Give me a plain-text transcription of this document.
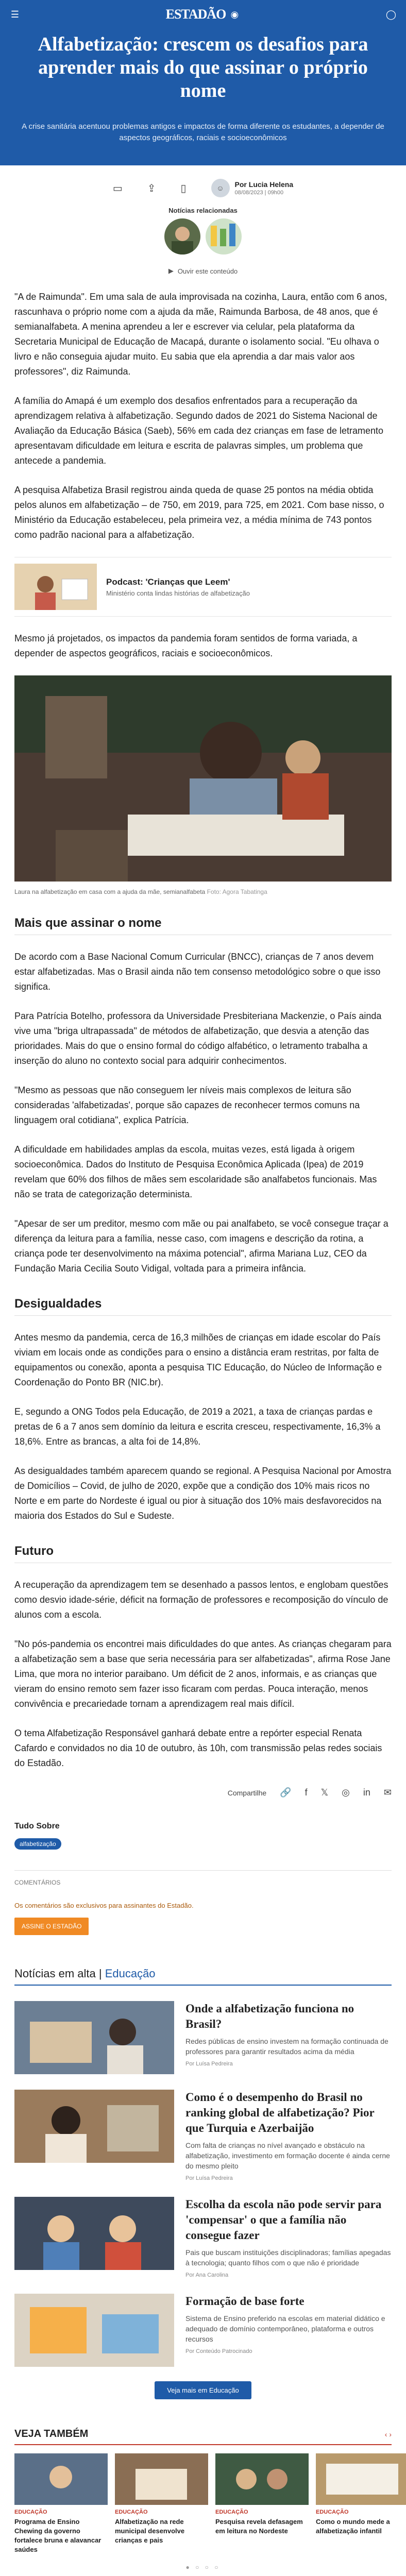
☰	ESTADÃO ◉	◯
Alfabetização: crescem os desafios para aprender mais do que assinar o próprio nome

A crise sanitária acentuou problemas antigos e impactos de forma diferente os estudantes, a depender de aspectos geográficos, raciais e socioeconômicos

▭ ⇪ ▯	☺	Por Lucia Helena
08/08/2023 | 09h00
Notícias relacionadas
▶ Ouvir este conteúdo

"A de Raimunda". Em uma sala de aula improvisada na cozinha, Laura, então com 6 anos, rascunhava o próprio nome com a ajuda da mãe, Raimunda Barbosa, de 48 anos, que é semianalfabeta. A menina aprendeu a ler e escrever via celular, pela plataforma da Secretaria Municipal de Educação de Macapá, durante o isolamento social. "Eu olhava o livro e não conseguia ajudar muito. Eu sabia que ela aprendia a dar mais valor aos professores", diz Raimunda.

A família do Amapá é um exemplo dos desafios enfrentados para a recuperação da aprendizagem relativa à alfabetização. Segundo dados de 2021 do Sistema Nacional de Avaliação da Educação Básica (Saeb), 56% em cada dez crianças em fase de letramento apresentavam dificuldade em leitura e escrita de palavras simples, um problema que antecede a pandemia.

A pesquisa Alfabetiza Brasil registrou ainda queda de quase 25 pontos na média obtida pelos alunos em alfabetização – de 750, em 2019, para 725, em 2021. Com base nisso, o Ministério da Educação estabeleceu, pela primeira vez, a média mínima de 743 pontos como padrão nacional para a alfabetização.

Podcast: 'Crianças que Leem'
Ministério conta lindas histórias de alfabetização

Mesmo já projetados, os impactos da pandemia foram sentidos de forma variada, a depender de aspectos geográficos, raciais e socioeconômicos.

Laura na alfabetização em casa com a ajuda da mãe, semianalfabeta Foto: Agora Tabatinga
Mais que assinar o nome

De acordo com a Base Nacional Comum Curricular (BNCC), crianças de 7 anos devem estar alfabetizadas. Mas o Brasil ainda não tem consenso metodológico sobre o que isso significa.

Para Patrícia Botelho, professora da Universidade Presbiteriana Mackenzie, o País ainda vive uma "briga ultrapassada" de métodos de alfabetização, que desvia a atenção das prioridades. Mais do que o ensino formal do código alfabético, o letramento trabalha a inserção do aluno no contexto social para adquirir conhecimentos.

"Mesmo as pessoas que não conseguem ler níveis mais complexos de leitura são consideradas 'alfabetizadas', porque são capazes de reconhecer termos comuns na linguagem oral cotidiana", explica Patrícia.

A dificuldade em habilidades amplas da escola, muitas vezes, está ligada à origem socioeconômica. Dados do Instituto de Pesquisa Econômica Aplicada (Ipea) de 2019 revelam que 60% dos filhos de mães sem escolaridade são analfabetos funcionais. Mas não se trata de categorização determinista.

"Apesar de ser um preditor, mesmo com mãe ou pai analfabeto, se você consegue traçar a diferença da leitura para a família, nesse caso, com imagens e descrição da rotina, a criança pode ter desenvolvimento na máxima potencial", afirma Mariana Luz, CEO da Fundação Maria Cecilia Souto Vidigal, voltada para a primeira infância.

Desigualdades

Antes mesmo da pandemia, cerca de 16,3 milhões de crianças em idade escolar do País viviam em locais onde as condições para o ensino a distância eram restritas, por falta de equipamentos ou conexão, aponta a pesquisa TIC Educação, do Núcleo de Informação e Coordenação do Ponto BR (NIC.br).

E, segundo a ONG Todos pela Educação, de 2019 a 2021, a taxa de crianças pardas e pretas de 6 a 7 anos sem domínio da leitura e escrita cresceu, respectivamente, 16,3% a 18,6%. Entre as brancas, a alta foi de 14,8%.

As desigualdades também aparecem quando se regional. A Pesquisa Nacional por Amostra de Domicílios – Covid, de julho de 2020, expõe que a condição dos 10% mais ricos no Norte e em parte do Nordeste é igual ou pior à situação dos 10% mais desfavorecidos na maioria dos Estados do Sul e Sudeste.

Futuro

A recuperação da aprendizagem tem se desenhado a passos lentos, e englobam questões como desvio idade-série, déficit na formação de professores e recomposição do vínculo de alunos com a escola.

"No pós-pandemia os encontrei mais dificuldades do que antes. As crianças chegaram para a alfabetização sem a base que seria necessária para ser alfabetizadas", afirma Rose Jane Lima, que mora no interior paraibano. Um déficit de 2 anos, informais, e as crianças que vieram do ensino remoto sem fazer isso ficaram com perdas. Pouca interação, menos convivência e precariedade tornam a aprendizagem real mais difícil.

O tema Alfabetização Responsável ganhará debate entre a repórter especial Renata Cafardo e convidados no dia 10 de outubro, às 10h, com transmissão pelas redes sociais do Estadão.

Compartilhe 🔗 f 𝕏 ◎ in ✉
Tudo Sobre
alfabetização
COMENTÁRIOS
Os comentários são exclusivos para assinantes do Estadão.
ASSINE O ESTADÃO
Notícias em alta | Educação
Onde a alfabetização funciona no Brasil?
Redes públicas de ensino investem na formação continuada de professores para garantir resultados acima da média
Por Luísa Pedreira
Como é o desempenho do Brasil no ranking global de alfabetização? Pior que Turquia e Azerbaijão
Com falta de crianças no nível avançado e obstáculo na alfabetização, investimento em formação docente é ainda cerne do mesmo pleito
Por Luísa Pedreira
Escolha da escola não pode servir para 'compensar' o que a família não consegue fazer
Pais que buscam instituições disciplinadoras; famílias apegadas à tecnologia; quanto filhos com o que não é prioridade
Por Ana Carolina
Formação de base forte
Sistema de Ensino preferido na escolas em material didático e adequado de domínio contemporâneo, plataforma e outros recursos
Por Conteúdo Patrocinado
Veja mais em Educação
VEJA TAMBÉM	‹ ›
EDUCAÇÃO
Programa de Ensino Chewing da governo fortalece bruna e alavancar saúdes
EDUCAÇÃO
Alfabetização na rede municipal desenvolve crianças e pais
EDUCAÇÃO
Pesquisa revela defasagem em leitura no Nordeste
EDUCAÇÃO
Como o mundo mede a alfabetização infantil
● ○ ○ ○
